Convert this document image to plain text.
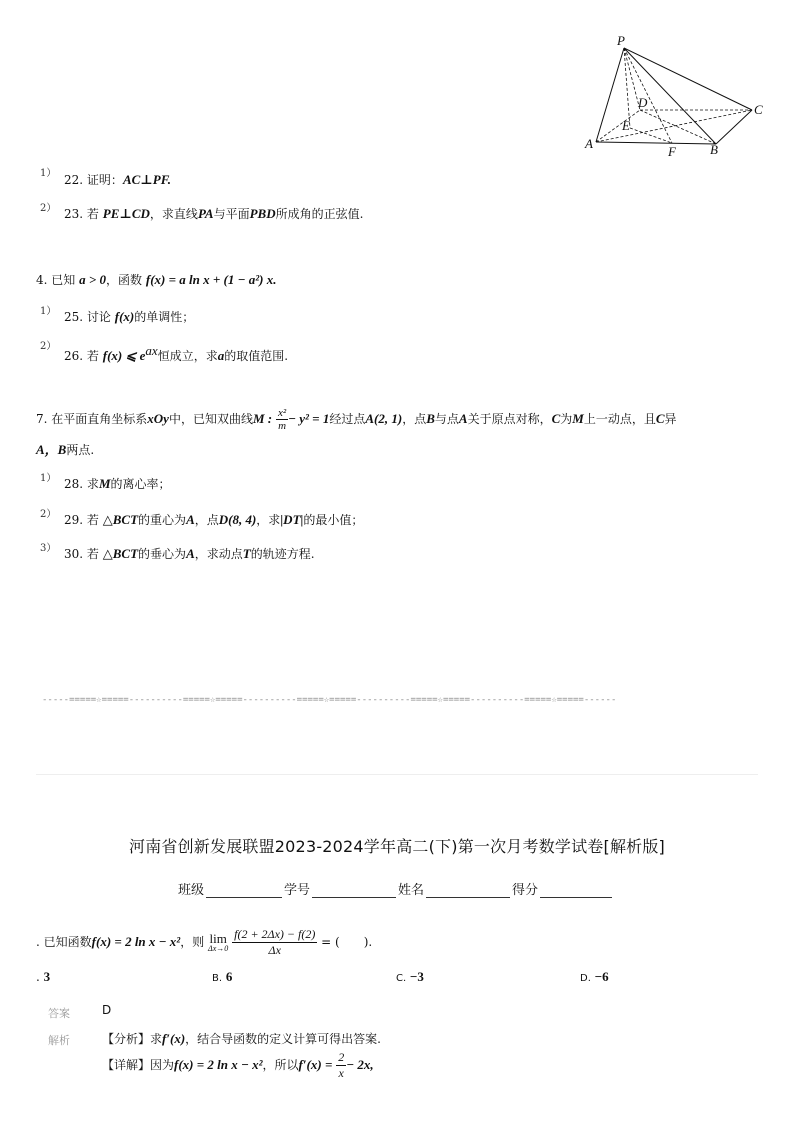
P
D	C
E
A
F	B
1） 22. 证明：AC⊥PF.
2） 23. 若 PE⊥CD，求直线PA与平面PBD所成角的正弦值.
4. 已知 a > 0，函数 f(x) = a ln x + (1 − a²) x.
1） 25. 讨论 f(x)的单调性；
2）
26. 若 f(x) ⩽ $e^{ax}$恒成立，求a的取值范围.
7. 在平面直角坐标系xOy中，已知双曲线M : $\frac{\text{x²}}{m} - y^2 = 1$经过点A(2, 1)，点B与点A关于原点对称，C为M上一动点，且C异
A，B两点.
1） 28. 求M的离心率；
2） 29. 若 △BCT的重心为A，点D(8, 4)，求|DT|的最小值；
3） 30. 若 △BCT的垂心为A，求动点T的轨迹方程.
-----=====☆=====----------=====☆=====----------=====☆=====----------=====☆=====----------=====☆=====------
河南省创新发展联盟2023-2024学年高二(下)第一次月考数学试卷[解析版]
班级	学号	姓名	得分
. 已知函数f(x) = 2 ln x − x²，则 lim
Δx→0
$\frac{f(2 + 2\Delta x) - f(2)}{\Delta x}$ = (　　).
. 3	B. 6	C. −3	D. −6
答案	D
解析	【分析】求f′(x)，结合导函数的定义计算可得出答案.
【详解】因为f(x) = 2 ln x − x²，所以$f'(x) = \frac{2}{x} - 2x$,
